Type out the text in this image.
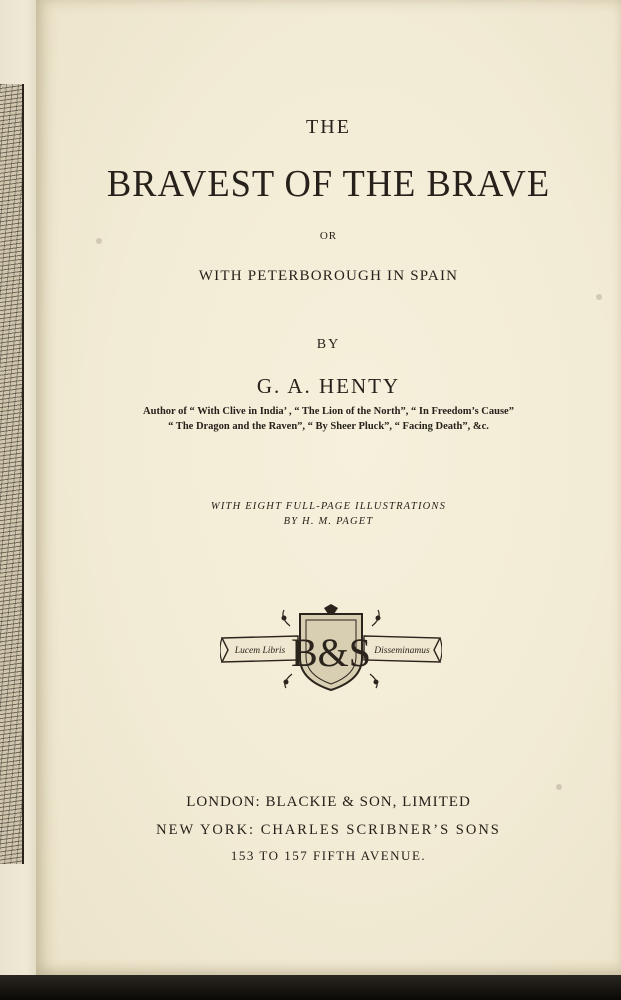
THE
BRAVEST OF THE BRAVE
OR
WITH PETERBOROUGH IN SPAIN
BY
G. A. HENTY
Author of “ With Clive in India’ , “ The Lion of the North”, “ In Freedom’s Cause”
“ The Dragon and the Raven”, “ By Sheer Pluck”, “ Facing Death”, &c.
WITH EIGHT FULL-PAGE ILLUSTRATIONS
BY H. M. PAGET
LONDON: BLACKIE & SON, LIMITED
NEW YORK: CHARLES SCRIBNER’S SONS
153 TO 157 FIFTH AVENUE.
B&S
Lucem Libris	Disseminamus
